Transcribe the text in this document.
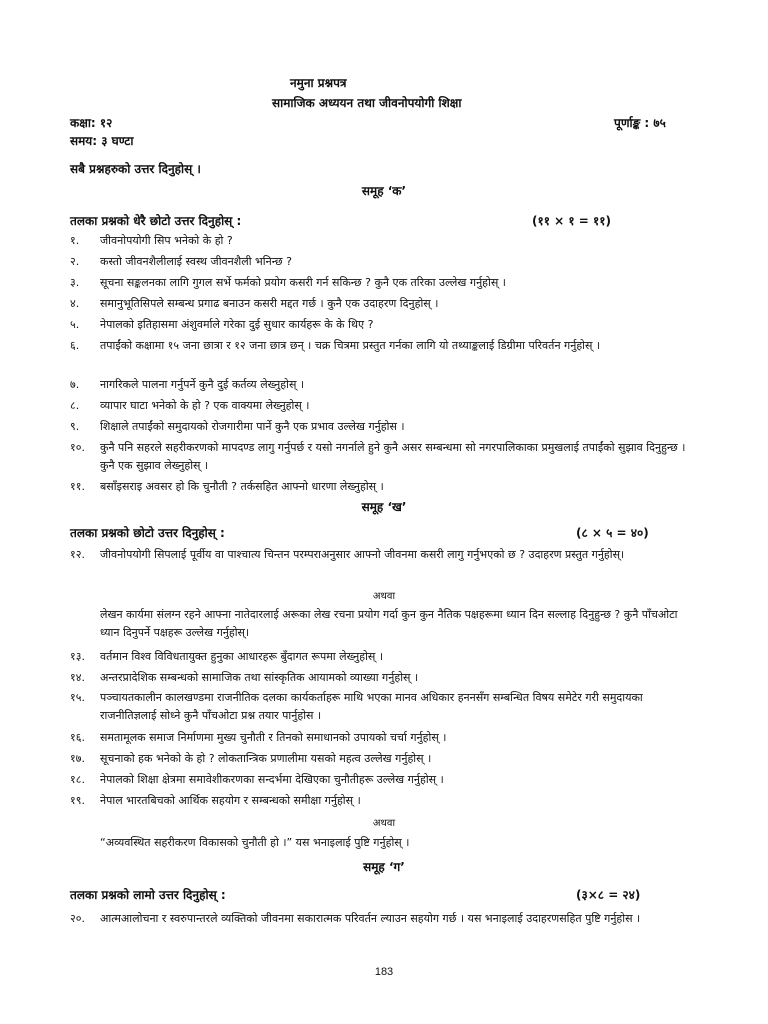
नमुना प्रश्नपत्र
सामाजिक अध्ययन तथा जीवनोपयोगी शिक्षा
कक्षा: १२	पूर्णाङ्क : ७५
समय: ३ घण्टा
सबै प्रश्नहरुको उत्तर दिनुहोस् ।
समूह ‘क’
तलका प्रश्नको धेरै छोटो उत्तर दिनुहोस् :	(११ × १ = ११)
१.	जीवनोपयोगी सिप भनेको के हो ?
२.	कस्तो जीवनशैलीलाई स्वस्थ जीवनशैली भनिन्छ ?
३.	सूचना सङ्कलनका लागि गुगल सर्भे फर्मको प्रयोग कसरी गर्न सकिन्छ ? कुनै एक तरिका उल्लेख गर्नुहोस् ।
४.	समानुभूतिसिपले सम्बन्ध प्रगाढ बनाउन कसरी मद्दत गर्छ । कुनै एक उदाहरण दिनुहोस् ।
५.	नेपालको इतिहासमा अंशुवर्माले गरेका दुई सुधार कार्यहरू के के थिए ?
६.	तपाईंको कक्षामा १५ जना छात्रा र १२ जना छात्र छन् । चक्र चित्रमा प्रस्तुत गर्नका लागि यो तथ्याङ्कलाई डिग्रीमा परिवर्तन गर्नुहोस् ।
७.	नागरिकले पालना गर्नुपर्ने कुनै दुई कर्तव्य लेख्नुहोस् ।
८.	व्यापार घाटा भनेको के हो ? एक वाक्यमा लेख्नुहोस् ।
९.	शिक्षाले तपाईंको समुदायको रोजगारीमा पार्ने कुनै एक प्रभाव उल्लेख गर्नुहोस ।
१०.	कुनै पनि सहरले सहरीकरणको मापदण्ड लागु गर्नुपर्छ र यसो नगर्नाले हुने कुनै असर सम्बन्धमा सो नगरपालिकाका प्रमुखलाई तपाईंको सुझाव दिनुहुन्छ । कुनै एक सुझाव लेख्नुहोस् ।
११.	बसाँइसराइ अवसर हो कि चुनौती ? तर्कसहित आफ्नो धारणा लेख्नुहोस् ।
समूह ‘ख’
तलका प्रश्नको छोटो उत्तर दिनुहोस् :	(८ × ५ = ४०)
१२.	जीवनोपयोगी सिपलाई पूर्वीय वा पाश्चात्य चिन्तन परम्पराअनुसार आफ्नो जीवनमा कसरी लागु गर्नुभएको छ ? उदाहरण प्रस्तुत गर्नुहोस्।
अथवा
लेखन कार्यमा संलग्न रहने आफ्ना नातेदारलाई अरूका लेख रचना प्रयोग गर्दा कुन कुन नैतिक पक्षहरूमा ध्यान दिन सल्लाह दिनुहुन्छ ? कुनै पाँचओटा ध्यान दिनुपर्ने पक्षहरू उल्लेख गर्नुहोस्।
१३.	वर्तमान विश्व विविधतायुक्त हुनुका आधारहरू बुँदागत रूपमा लेख्नुहोस् ।
१४.	अन्तरप्रादेशिक सम्बन्धको सामाजिक तथा सांस्कृतिक आयामको व्याख्या गर्नुहोस् ।
१५.	पञ्चायतकालीन कालखण्डमा राजनीतिक दलका कार्यकर्ताहरू माथि भएका मानव अधिकार हननसँग सम्बन्धित विषय समेटेर गरी समुदायका राजनीतिज्ञलाई सोध्ने कुनै पाँचओटा प्रश्न तयार पार्नुहोस ।
१६.	समतामूलक समाज निर्माणमा मुख्य चुनौती र तिनको समाधानको उपायको चर्चा गर्नुहोस् ।
१७.	सूचनाको हक भनेको के हो ? लोकतान्त्रिक प्रणालीमा यसको महत्व उल्लेख गर्नुहोस् ।
१८.	नेपालको शिक्षा क्षेत्रमा समावेशीकरणका सन्दर्भमा देखिएका चुनौतीहरू उल्लेख गर्नुहोस् ।
१९.	नेपाल भारतबिचको आर्थिक सहयोग र सम्बन्धको समीक्षा गर्नुहोस् ।
अथवा
“अव्यवस्थित सहरीकरण विकासको चुनौती हो ।” यस भनाइलाई पुष्टि गर्नुहोस् ।
समूह ‘ग’
तलका प्रश्नको लामो उत्तर दिनुहोस् :	(३×८ = २४)
२०.	आत्मआलोचना र स्वरुपान्तरले व्यक्तिको जीवनमा सकारात्मक परिवर्तन ल्याउन सहयोग गर्छ । यस भनाइलाई उदाहरणसहित पुष्टि गर्नुहोस ।
183
